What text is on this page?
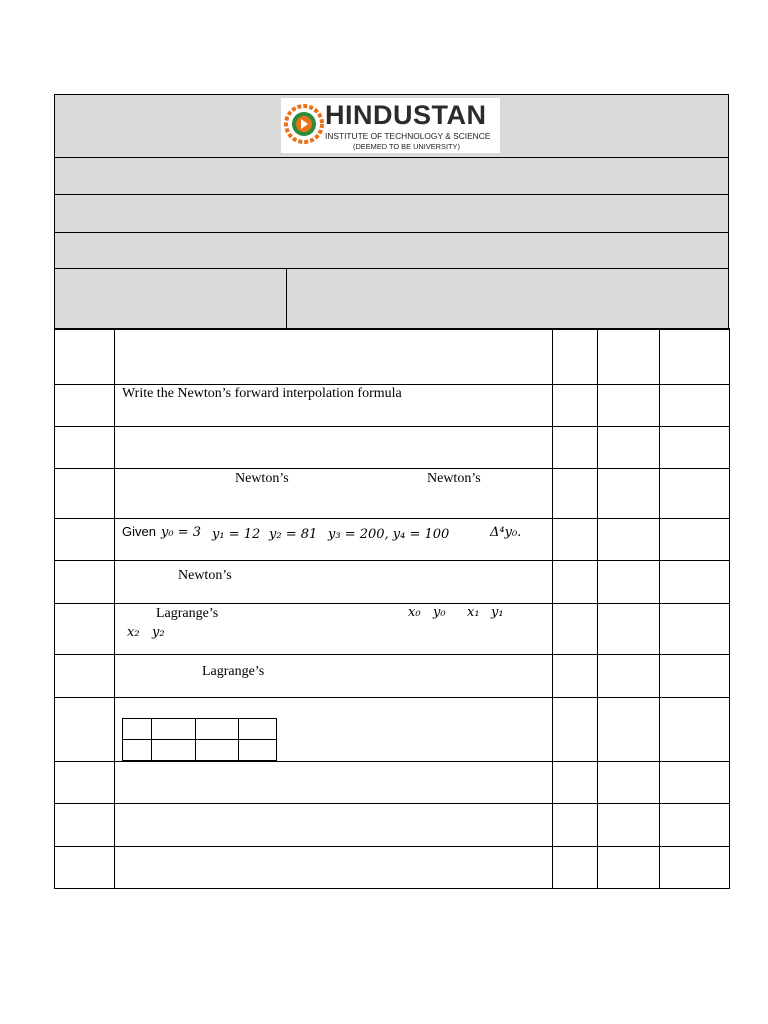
HINDUSTAN
INSTITUTE OF TECHNOLOGY & SCIENCE
(DEEMED TO BE UNIVERSITY)
Write the Newton’s forward interpolation formula
Newton’s	Newton’s
Given y₀ = 3 y₁ = 12 y₂ = 81 y₃ = 200, y₄ = 100	Δ⁴y₀.
Newton’s
Lagrange’s	x₀ y₀ x₁ y₁
x₂ y₂
Lagrange’s
